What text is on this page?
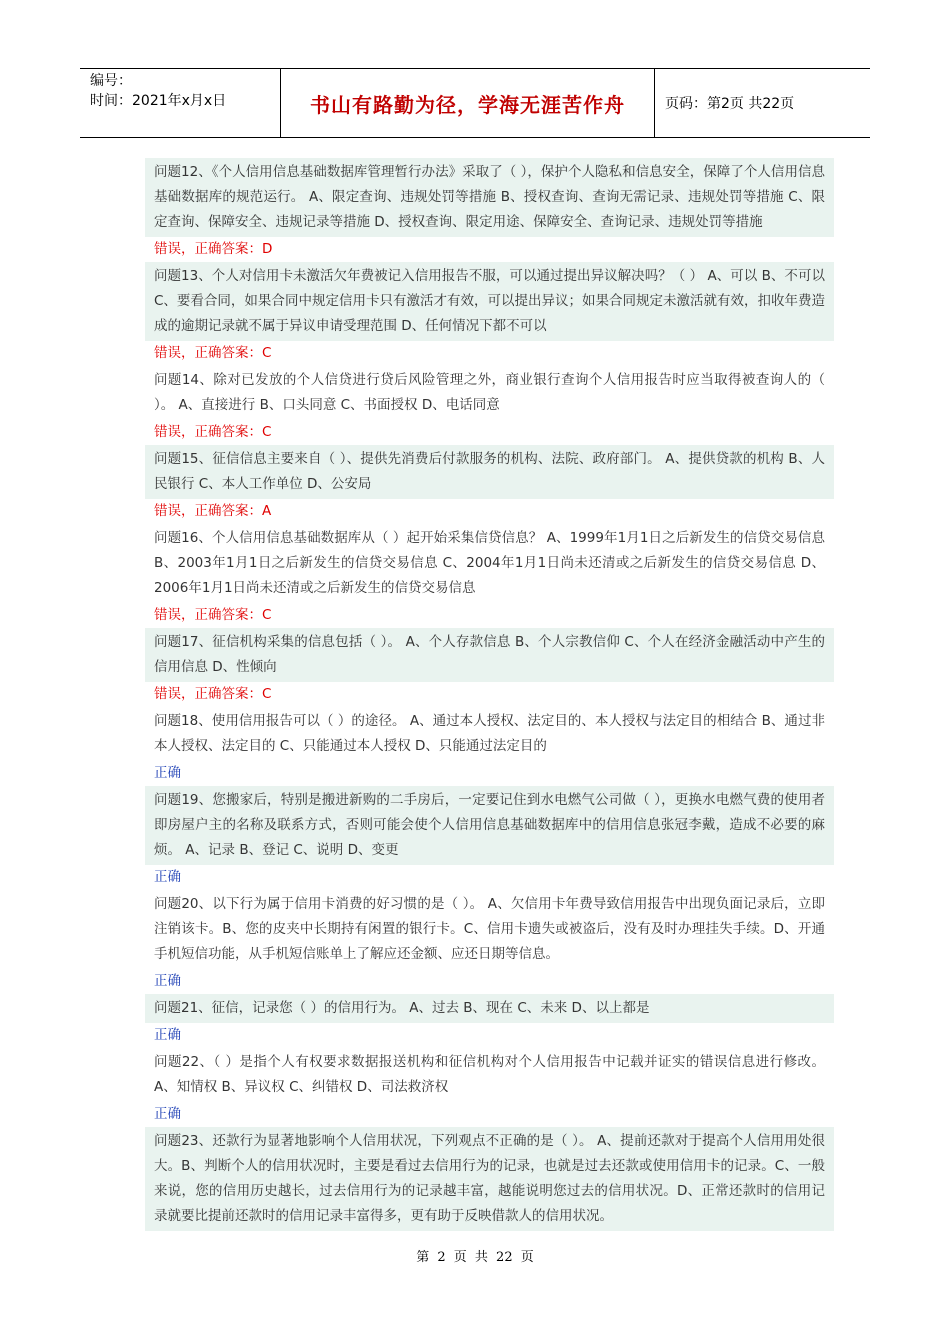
编号：
时间：2021年x月x日	书山有路勤为径，学海无涯苦作舟	页码：第2页 共22页
问题12、《个人信用信息基础数据库管理暂行办法》采取了（ ），保护个人隐私和信息安全，保障了个人信用信息基础数据库的规范运行。 A、限定查询、违规处罚等措施 B、授权查询、查询无需记录、违规处罚等措施 C、限定查询、保障安全、违规记录等措施 D、授权查询、限定用途、保障安全、查询记录、违规处罚等措施
错误，正确答案：D
问题13、个人对信用卡未激活欠年费被记入信用报告不服，可以通过提出异议解决吗？（ ） A、可以 B、不可以 C、要看合同，如果合同中规定信用卡只有激活才有效，可以提出异议；如果合同规定未激活就有效，扣收年费造成的逾期记录就不属于异议申请受理范围 D、任何情况下都不可以
错误，正确答案：C
问题14、除对已发放的个人信贷进行贷后风险管理之外，商业银行查询个人信用报告时应当取得被查询人的（ ）。 A、直接进行 B、口头同意 C、书面授权 D、电话同意
错误，正确答案：C
问题15、征信信息主要来自（ ）、提供先消费后付款服务的机构、法院、政府部门。 A、提供贷款的机构 B、人民银行 C、本人工作单位 D、公安局
错误，正确答案：A
问题16、个人信用信息基础数据库从（ ）起开始采集信贷信息？ A、1999年1月1日之后新发生的信贷交易信息 B、2003年1月1日之后新发生的信贷交易信息 C、2004年1月1日尚未还清或之后新发生的信贷交易信息 D、2006年1月1日尚未还清或之后新发生的信贷交易信息
错误，正确答案：C
问题17、征信机构采集的信息包括（ ）。 A、个人存款信息 B、个人宗教信仰 C、个人在经济金融活动中产生的信用信息 D、性倾向
错误，正确答案：C
问题18、使用信用报告可以（ ）的途径。 A、通过本人授权、法定目的、本人授权与法定目的相结合 B、通过非本人授权、法定目的 C、只能通过本人授权 D、只能通过法定目的
正确
问题19、您搬家后，特别是搬进新购的二手房后，一定要记住到水电燃气公司做（ ），更换水电燃气费的使用者即房屋户主的名称及联系方式，否则可能会使个人信用信息基础数据库中的信用信息张冠李戴，造成不必要的麻烦。 A、记录 B、登记 C、说明 D、变更
正确
问题20、以下行为属于信用卡消费的好习惯的是（ ）。 A、欠信用卡年费导致信用报告中出现负面记录后，立即注销该卡。B、您的皮夹中长期持有闲置的银行卡。C、信用卡遗失或被盗后，没有及时办理挂失手续。D、开通手机短信功能，从手机短信账单上了解应还金额、应还日期等信息。
正确
问题21、征信，记录您（ ）的信用行为。 A、过去 B、现在 C、未来 D、以上都是
正确
问题22、（ ）是指个人有权要求数据报送机构和征信机构对个人信用报告中记载并证实的错误信息进行修改。 A、知情权 B、异议权 C、纠错权 D、司法救济权
正确
问题23、还款行为显著地影响个人信用状况，下列观点不正确的是（ ）。 A、提前还款对于提高个人信用用处很大。B、判断个人的信用状况时，主要是看过去信用行为的记录，也就是过去还款或使用信用卡的记录。C、一般来说，您的信用历史越长，过去信用行为的记录越丰富，越能说明您过去的信用状况。D、正常还款时的信用记录就要比提前还款时的信用记录丰富得多，更有助于反映借款人的信用状况。
第 2 页 共 22 页
